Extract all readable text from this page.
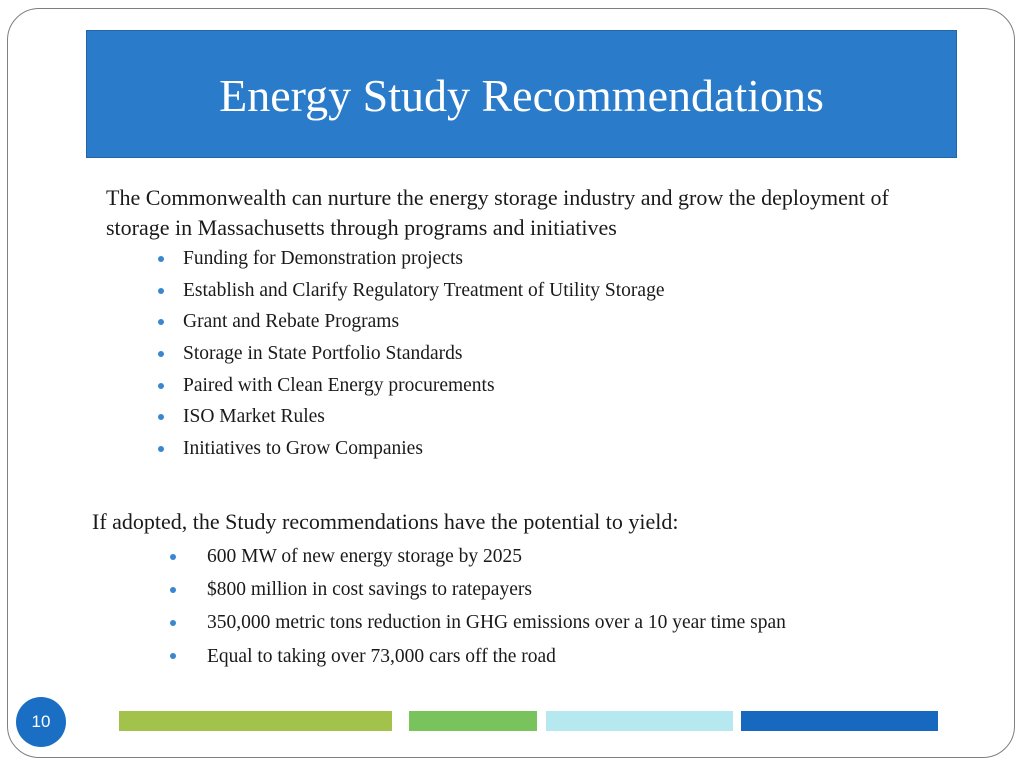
Energy Study Recommendations
The Commonwealth can nurture the energy storage industry and grow the deployment of storage in Massachusetts through programs and initiatives
Funding for Demonstration projects
Establish and Clarify Regulatory Treatment of Utility Storage
Grant and Rebate Programs
Storage in State Portfolio Standards
Paired with Clean Energy procurements
ISO Market Rules
Initiatives to Grow Companies
If adopted, the Study recommendations have the potential to yield:
600 MW of new energy storage by 2025
$800 million in cost savings to ratepayers
350,000 metric tons reduction in GHG emissions over a 10 year time span
Equal to taking over 73,000 cars off the road
10
